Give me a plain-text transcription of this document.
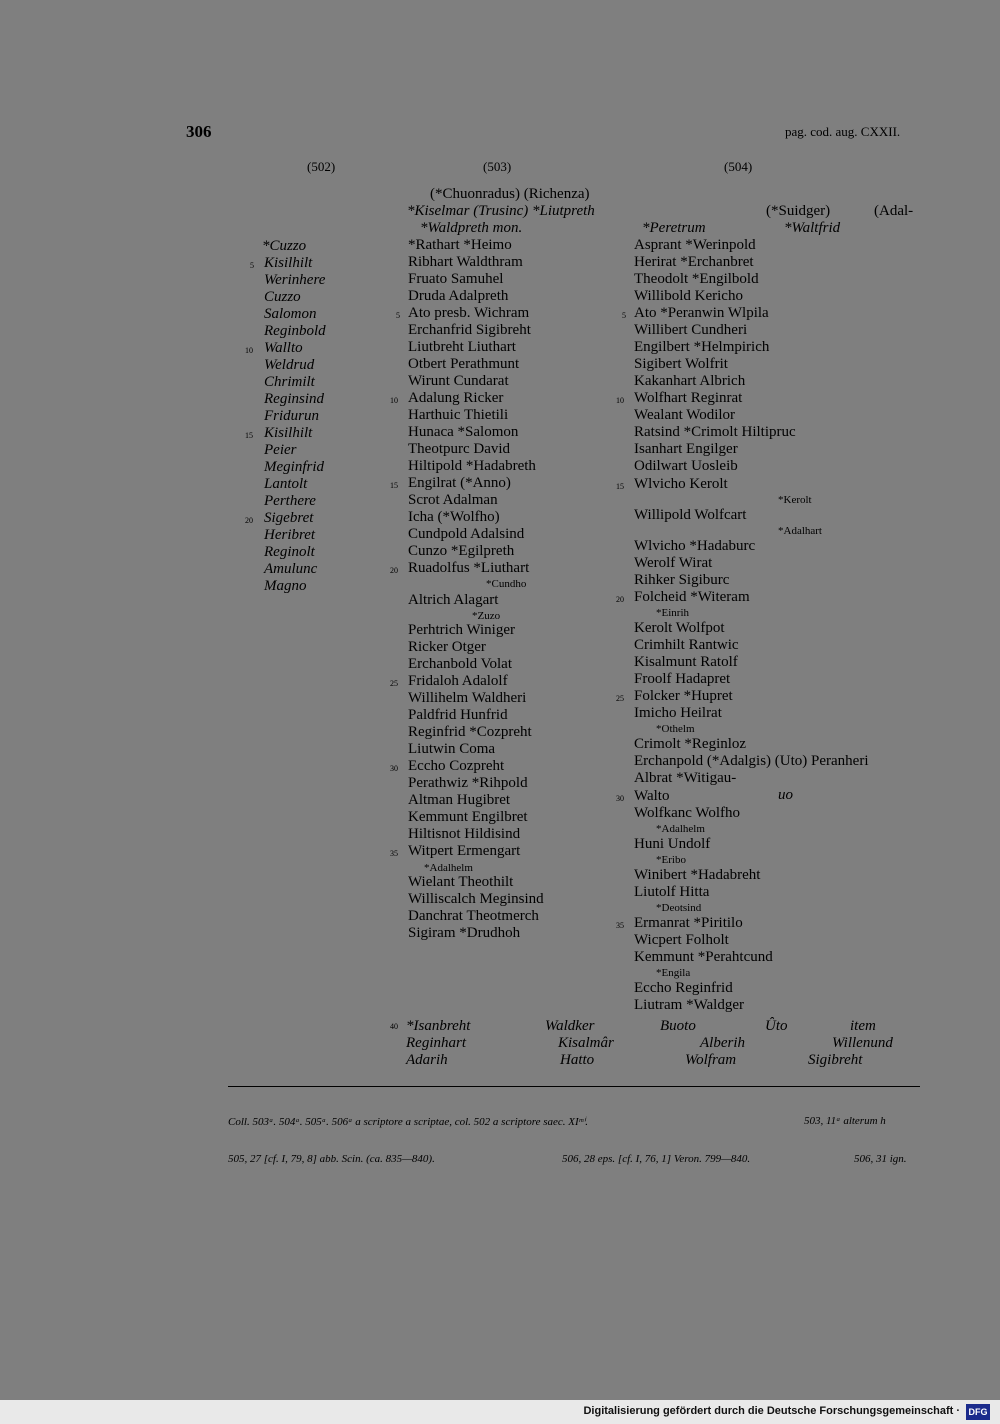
306	pag. cod. aug. CXXII.
(502)	(503)	(504)
*Cuzzo
Kisilhilt
Werinhere
Cuzzo
Salomon
Reginbold
Wallto
Weldrud
Chrimilt
Reginsind
Fridurun
Kisilhilt
Peier
Meginfrid
Lantolt
Perthere
Sigebret
Heribret
Reginolt
Amulunc
Magno
5
10
15
20
(*Chuonradus) (Richenza)
*Kiselmar (Trusinc) *Liutpreth
*Waldpreth mon.
*Rathart *Heimo
Ribhart Waldthram
Fruato Samuhel
Druda Adalpreth
Ato presb. Wichram
Erchanfrid Sigibreht
Liutbreht Liuthart
Otbert Perathmunt
Wirunt Cundarat
Adalung Ricker
Harthuic Thietili
Hunaca *Salomon
Theotpurc David
Hiltipold *Hadabreth
Engilrat (*Anno)
Scrot Adalman
Icha (*Wolfho)
Cundpold Adalsind
Cunzo *Egilpreth
Ruadolfus *Liuthart
*Cundho
Altrich Alagart
*Zuzo
Perhtrich Winiger
Ricker Otger
Erchanbold Volat
Fridaloh Adalolf
Willihelm Waldheri
Paldfrid Hunfrid
Reginfrid *Cozpreht
Liutwin Coma
Eccho Cozpreht
Perathwiz *Rihpold
Altman Hugibret
Kemmunt Engilbret
Hiltisnot Hildisind
Witpert Ermengart
*Adalhelm
Wielant Theothilt
Williscalch Meginsind
Danchrat Theotmerch
Sigiram *Drudhoh
5
10
15
20
25
30
35
40
(*Suidger)	(Adal-
*Peretrum	*Waltfrid
Asprant *Werinpold
Herirat *Erchanbret
Theodolt *Engilbold
Willibold Kericho
Ato *Peranwin Wlpila
Willibert Cundheri
Engilbert *Helmpirich
Sigibert Wolfrit
Kakanhart Albrich
Wolfhart Reginrat
Wealant Wodilor
Ratsind *Crimolt Hiltipruc
Isanhart Engilger
Odilwart Uosleib
Wlvicho Kerolt
*Kerolt
Willipold Wolfcart
*Adalhart
Wlvicho *Hadaburc
Werolf Wirat
Rihker Sigiburc
Folcheid *Witeram
*Einrih
Kerolt Wolfpot
Crimhilt Rantwic
Kisalmunt Ratolf
Froolf Hadapret
Folcker *Hupret
Imicho Heilrat
*Othelm
Crimolt *Reginloz
Erchanpold (*Adalgis) (Uto) Peranheri
Albrat *Witigau-
uo
Walto
Wolfkanc Wolfho
*Adalhelm
Huni Undolf
*Eribo
Winibert *Hadabreht
Liutolf Hitta
*Deotsind
Ermanrat *Piritilo
Wicpert Folholt
Kemmunt *Perahtcund
*Engila
Eccho Reginfrid
Liutram *Waldger
5
10
15
20
25
30
35
*Isanbreht	Waldker	Buoto	Ûto	item
Reginhart	Kisalmâr	Alberih	Willenund
Adarih	Hatto	Wolfram	Sigibreht
Coll. 503ᵃ. 504ᵃ. 505ᵃ. 506ᵃ a scriptore a scriptae, col. 502 a scriptore saec. XIᵐⁱ.	503, 11ᵃ alterum h
505, 27 [cf. I, 79, 8] abb. Scin. (ca. 835—840).	506, 28 eps. [cf. I, 76, 1] Veron. 799—840.	506, 31 ign.
Digitalisierung gefördert durch die Deutsche Forschungsgemeinschaft · DFG
